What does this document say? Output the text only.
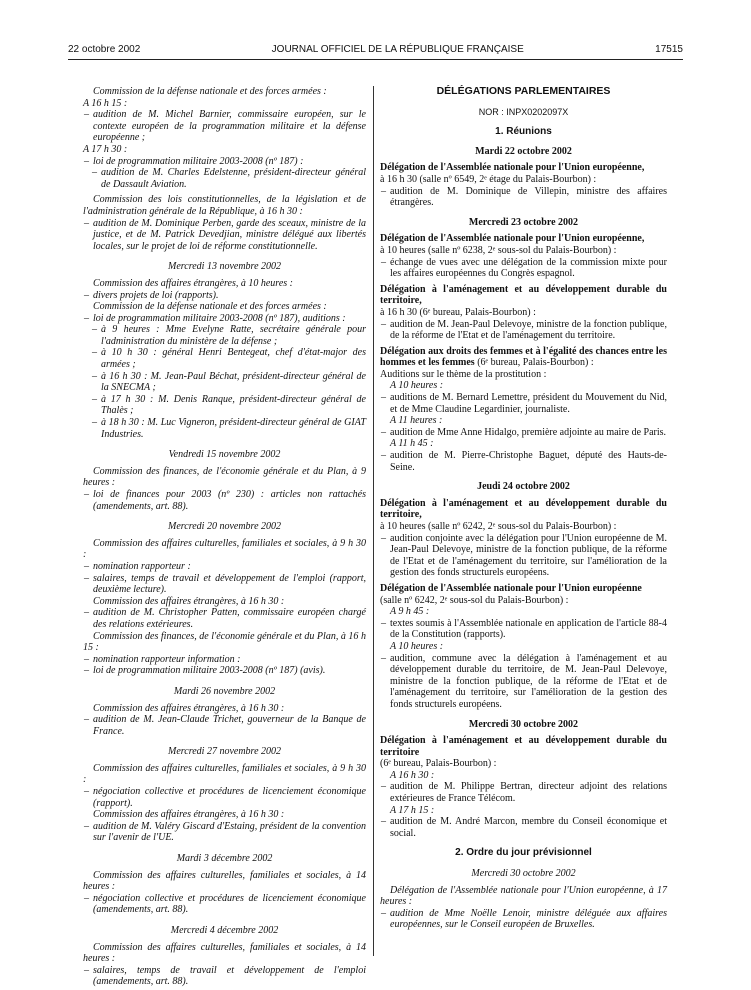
22 octobre 2002	JOURNAL OFFICIEL DE LA RÉPUBLIQUE FRANÇAISE	17515

Commission de la défense nationale et des forces armées :

A 16 h 15 :

– audition de M. Michel Barnier, commissaire européen, sur le contexte européen de la programmation militaire et la défense européenne ;

A 17 h 30 :

– loi de programmation militaire 2003-2008 (nº 187) :

– audition de M. Charles Edelstenne, président-directeur général de Dassault Aviation.

Commission des lois constitutionnelles, de la législation et de l'administration générale de la République, à 16 h 30 :

– audition de M. Dominique Perben, garde des sceaux, ministre de la justice, et de M. Patrick Devedjian, ministre délégué aux libertés locales, sur le projet de loi de réforme constitutionnelle.

Mercredi 13 novembre 2002

Commission des affaires étrangères, à 10 heures :

– divers projets de loi (rapports).

Commission de la défense nationale et des forces armées :

– loi de programmation militaire 2003-2008 (nº 187), auditions :

– à 9 heures : Mme Evelyne Ratte, secrétaire générale pour l'administration du ministère de la défense ;

– à 10 h 30 : général Henri Bentegeat, chef d'état-major des armées ;

– à 16 h 30 : M. Jean-Paul Béchat, président-directeur général de la SNECMA ;

– à 17 h 30 : M. Denis Ranque, président-directeur général de Thalès ;

– à 18 h 30 : M. Luc Vigneron, président-directeur général de GIAT Industries.

Vendredi 15 novembre 2002

Commission des finances, de l'économie générale et du Plan, à 9 heures :

– loi de finances pour 2003 (nº 230) : articles non rattachés (amendements, art. 88).

Mercredi 20 novembre 2002

Commission des affaires culturelles, familiales et sociales, à 9 h 30 :

– nomination rapporteur :

– salaires, temps de travail et développement de l'emploi (rapport, deuxième lecture).

Commission des affaires étrangères, à 16 h 30 :

– audition de M. Christopher Patten, commissaire européen chargé des relations extérieures.

Commission des finances, de l'économie générale et du Plan, à 16 h 15 :

– nomination rapporteur information :

– loi de programmation militaire 2003-2008 (nº 187) (avis).

Mardi 26 novembre 2002

Commission des affaires étrangères, à 16 h 30 :

– audition de M. Jean-Claude Trichet, gouverneur de la Banque de France.

Mercredi 27 novembre 2002

Commission des affaires culturelles, familiales et sociales, à 9 h 30 :

– négociation collective et procédures de licenciement économique (rapport).

Commission des affaires étrangères, à 16 h 30 :

– audition de M. Valéry Giscard d'Estaing, président de la convention sur l'avenir de l'UE.

Mardi 3 décembre 2002

Commission des affaires culturelles, familiales et sociales, à 14 heures :

– négociation collective et procédures de licenciement économique (amendements, art. 88).

Mercredi 4 décembre 2002

Commission des affaires culturelles, familiales et sociales, à 14 heures :

– salaires, temps de travail et développement de l'emploi (amendements, art. 88).

DÉLÉGATIONS PARLEMENTAIRES

NOR : INPX0202097X

1. Réunions

Mardi 22 octobre 2002

Délégation de l'Assemblée nationale pour l'Union européenne,

à 16 h 30 (salle nº 6549, 2ᵉ étage du Palais-Bourbon) :

– audition de M. Dominique de Villepin, ministre des affaires étrangères.

Mercredi 23 octobre 2002

Délégation de l'Assemblée nationale pour l'Union européenne,

à 10 heures (salle nº 6238, 2ᵉ sous-sol du Palais-Bourbon) :

– échange de vues avec une délégation de la commission mixte pour les affaires européennes du Congrès espagnol.

Délégation à l'aménagement et au développement durable du territoire,

à 16 h 30 (6ᵉ bureau, Palais-Bourbon) :

– audition de M. Jean-Paul Delevoye, ministre de la fonction publique, de la réforme de l'Etat et de l'aménagement du territoire.

Délégation aux droits des femmes et à l'égalité des chances entre les hommes et les femmes (6ᵉ bureau, Palais-Bourbon) :

Auditions sur le thème de la prostitution :

A 10 heures :

– auditions de M. Bernard Lemettre, président du Mouvement du Nid, et de Mme Claudine Legardinier, journaliste.

A 11 heures :

– audition de Mme Anne Hidalgo, première adjointe au maire de Paris.

A 11 h 45 :

– audition de M. Pierre-Christophe Baguet, député des Hauts-de-Seine.

Jeudi 24 octobre 2002

Délégation à l'aménagement et au développement durable du territoire,

à 10 heures (salle nº 6242, 2ᵉ sous-sol du Palais-Bourbon) :

– audition conjointe avec la délégation pour l'Union européenne de M. Jean-Paul Delevoye, ministre de la fonction publique, de la réforme de l'Etat et de l'aménagement du territoire, sur l'amélioration de la gestion des fonds structurels européens.

Délégation de l'Assemblée nationale pour l'Union européenne

(salle nº 6242, 2ᵉ sous-sol du Palais-Bourbon) :

A 9 h 45 :

– textes soumis à l'Assemblée nationale en application de l'article 88-4 de la Constitution (rapports).

A 10 heures :

– audition, commune avec la délégation à l'aménagement et au développement durable du territoire, de M. Jean-Paul Delevoye, ministre de la fonction publique, de la réforme de l'Etat et de l'aménagement du territoire, sur l'amélioration de la gestion des fonds structurels européens.

Mercredi 30 octobre 2002

Délégation à l'aménagement et au développement durable du territoire

(6ᵉ bureau, Palais-Bourbon) :

A 16 h 30 :

– audition de M. Philippe Bertran, directeur adjoint des relations extérieures de France Télécom.

A 17 h 15 :

– audition de M. André Marcon, membre du Conseil économique et social.

2. Ordre du jour prévisionnel

Mercredi 30 octobre 2002

Délégation de l'Assemblée nationale pour l'Union européenne, à 17 heures :

– audition de Mme Noëlle Lenoir, ministre déléguée aux affaires européennes, sur le Conseil européen de Bruxelles.
